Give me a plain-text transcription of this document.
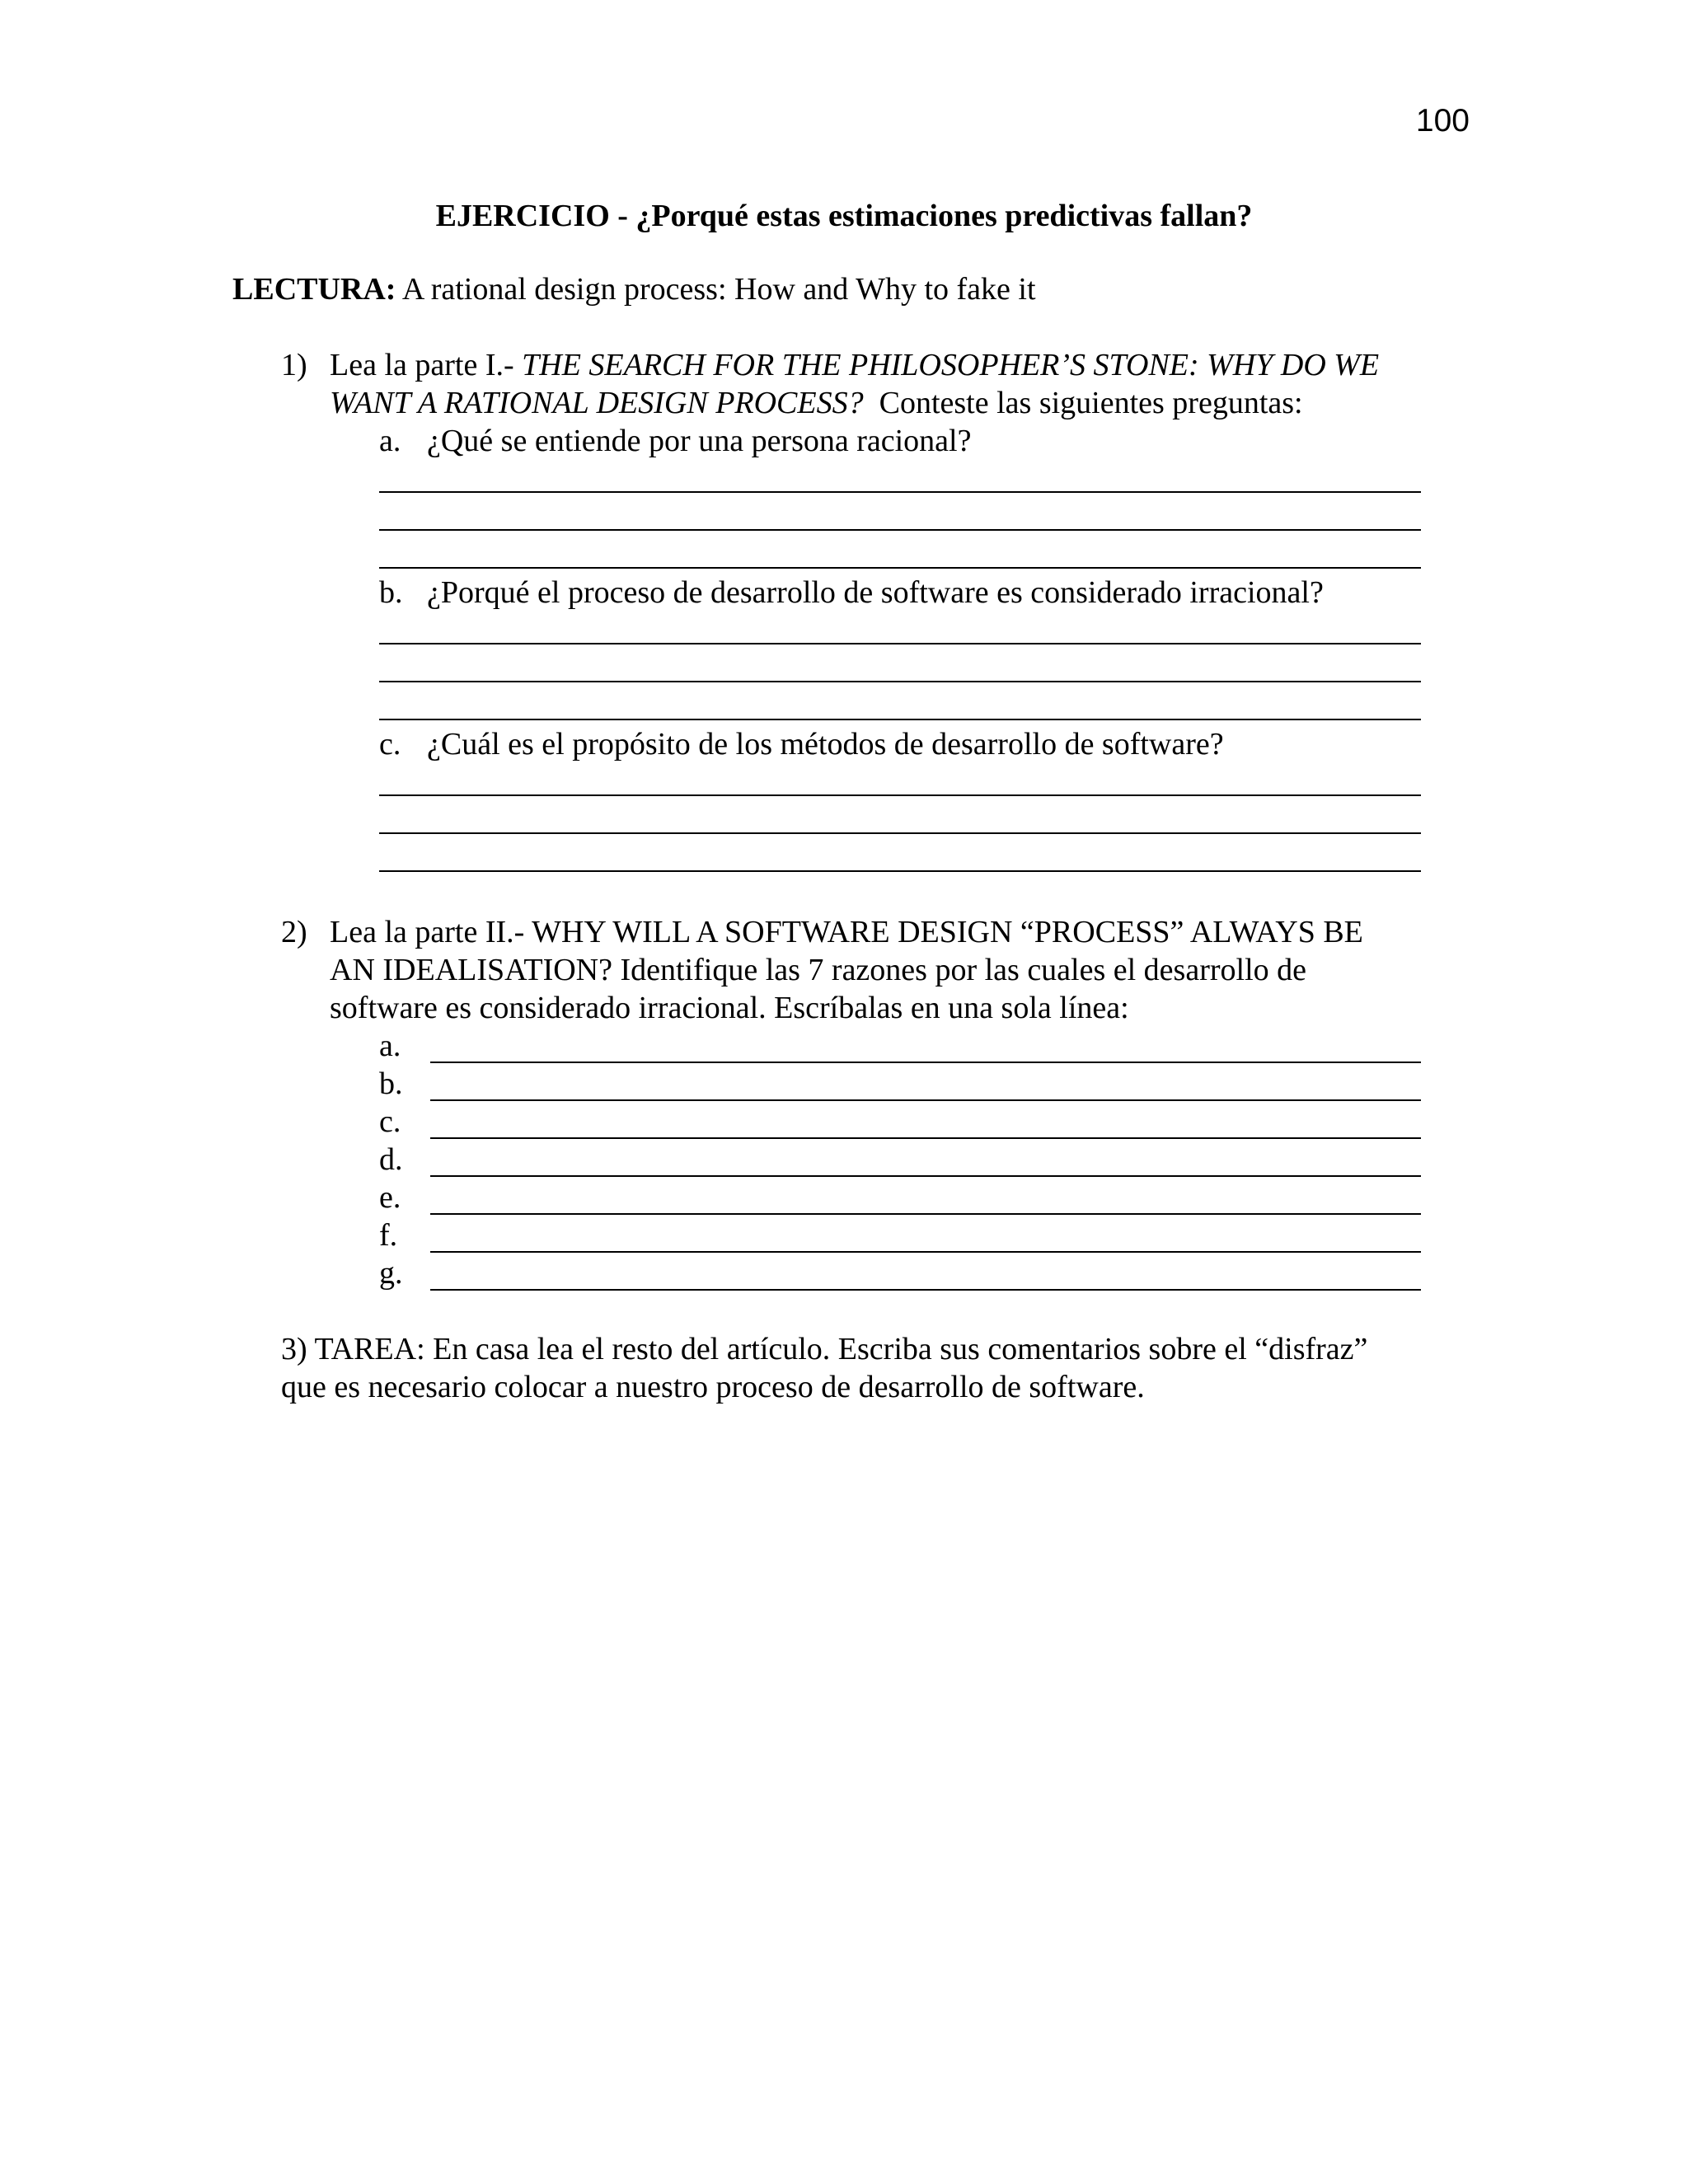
100
EJERCICIO - ¿Porqué estas estimaciones predictivas fallan?
LECTURA: A rational design process: How and Why to fake it
1) Lea la parte I.- THE SEARCH FOR THE PHILOSOPHER’S STONE: WHY DO WE
WANT A RATIONAL DESIGN PROCESS? Conteste las siguientes preguntas:
a. ¿Qué se entiende por una persona racional?
b. ¿Porqué el proceso de desarrollo de software es considerado irracional?
c. ¿Cuál es el propósito de los métodos de desarrollo de software?
2) Lea la parte II.- WHY WILL A SOFTWARE DESIGN “PROCESS” ALWAYS BE
AN IDEALISATION? Identifique las 7 razones por las cuales el desarrollo de
software es considerado irracional. Escríbalas en una sola línea:
a.
b.
c.
d.
e.
f.
g.
3) TAREA: En casa lea el resto del artículo. Escriba sus comentarios sobre el “disfraz”
que es necesario colocar a nuestro proceso de desarrollo de software.
